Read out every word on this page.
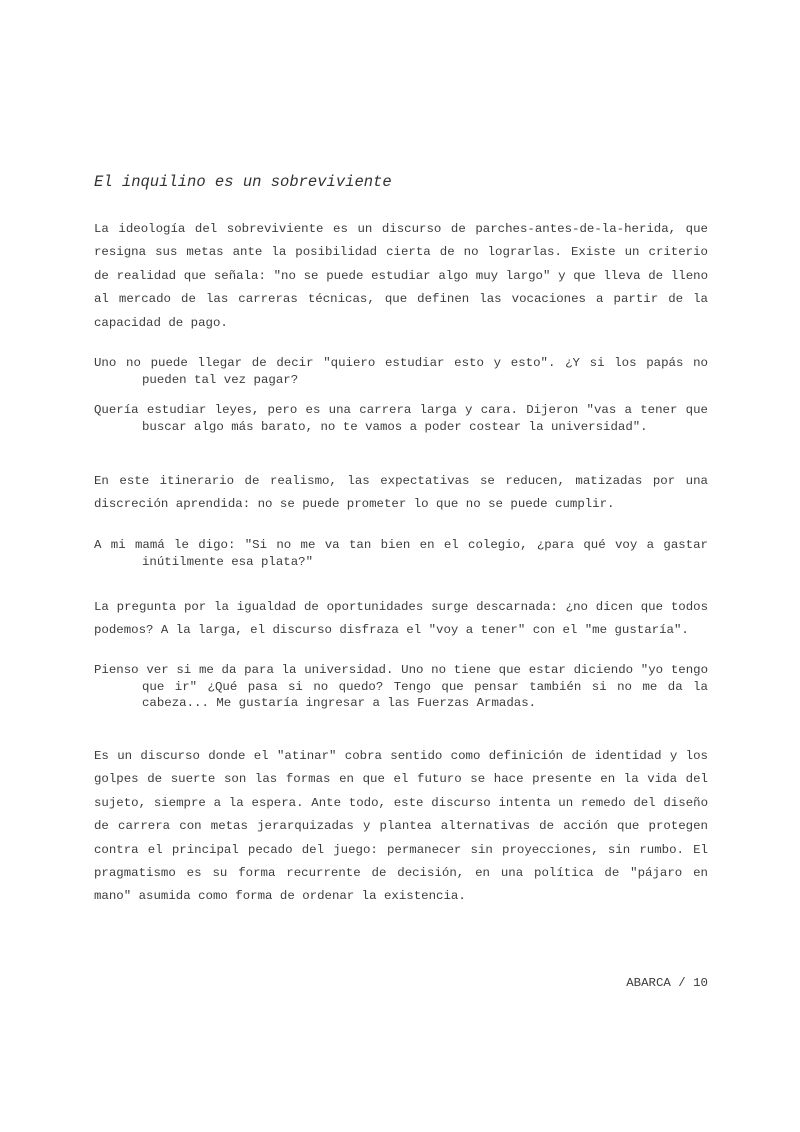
El inquilino es un sobreviviente

La ideología del sobreviviente es un discurso de parches-antes-de-la-herida, que resigna sus metas ante la posibilidad cierta de no lograrlas. Existe un criterio de realidad que señala: "no se puede estudiar algo muy largo" y que lleva de lleno al mercado de las carreras técnicas, que definen las vocaciones a partir de la capacidad de pago.

Uno no puede llegar de decir "quiero estudiar esto y esto". ¿Y si los papás no pueden tal vez pagar?

Quería estudiar leyes, pero es una carrera larga y cara. Dijeron "vas a tener que buscar algo más barato, no te vamos a poder costear la universidad".

En este itinerario de realismo, las expectativas se reducen, matizadas por una discreción aprendida: no se puede prometer lo que no se puede cumplir.

A mi mamá le digo: "Si no me va tan bien en el colegio, ¿para qué voy a gastar inútilmente esa plata?"

La pregunta por la igualdad de oportunidades surge descarnada: ¿no dicen que todos podemos? A la larga, el discurso disfraza el "voy a tener" con el "me gustaría".

Pienso ver si me da para la universidad. Uno no tiene que estar diciendo "yo tengo que ir" ¿Qué pasa si no quedo? Tengo que pensar también si no me da la cabeza... Me gustaría ingresar a las Fuerzas Armadas.

Es un discurso donde el "atinar" cobra sentido como definición de identidad y los golpes de suerte son las formas en que el futuro se hace presente en la vida del sujeto, siempre a la espera. Ante todo, este discurso intenta un remedo del diseño de carrera con metas jerarquizadas y plantea alternativas de acción que protegen contra el principal pecado del juego: permanecer sin proyecciones, sin rumbo. El pragmatismo es su forma recurrente de decisión, en una política de "pájaro en mano" asumida como forma de ordenar la existencia.

ABARCA / 10
